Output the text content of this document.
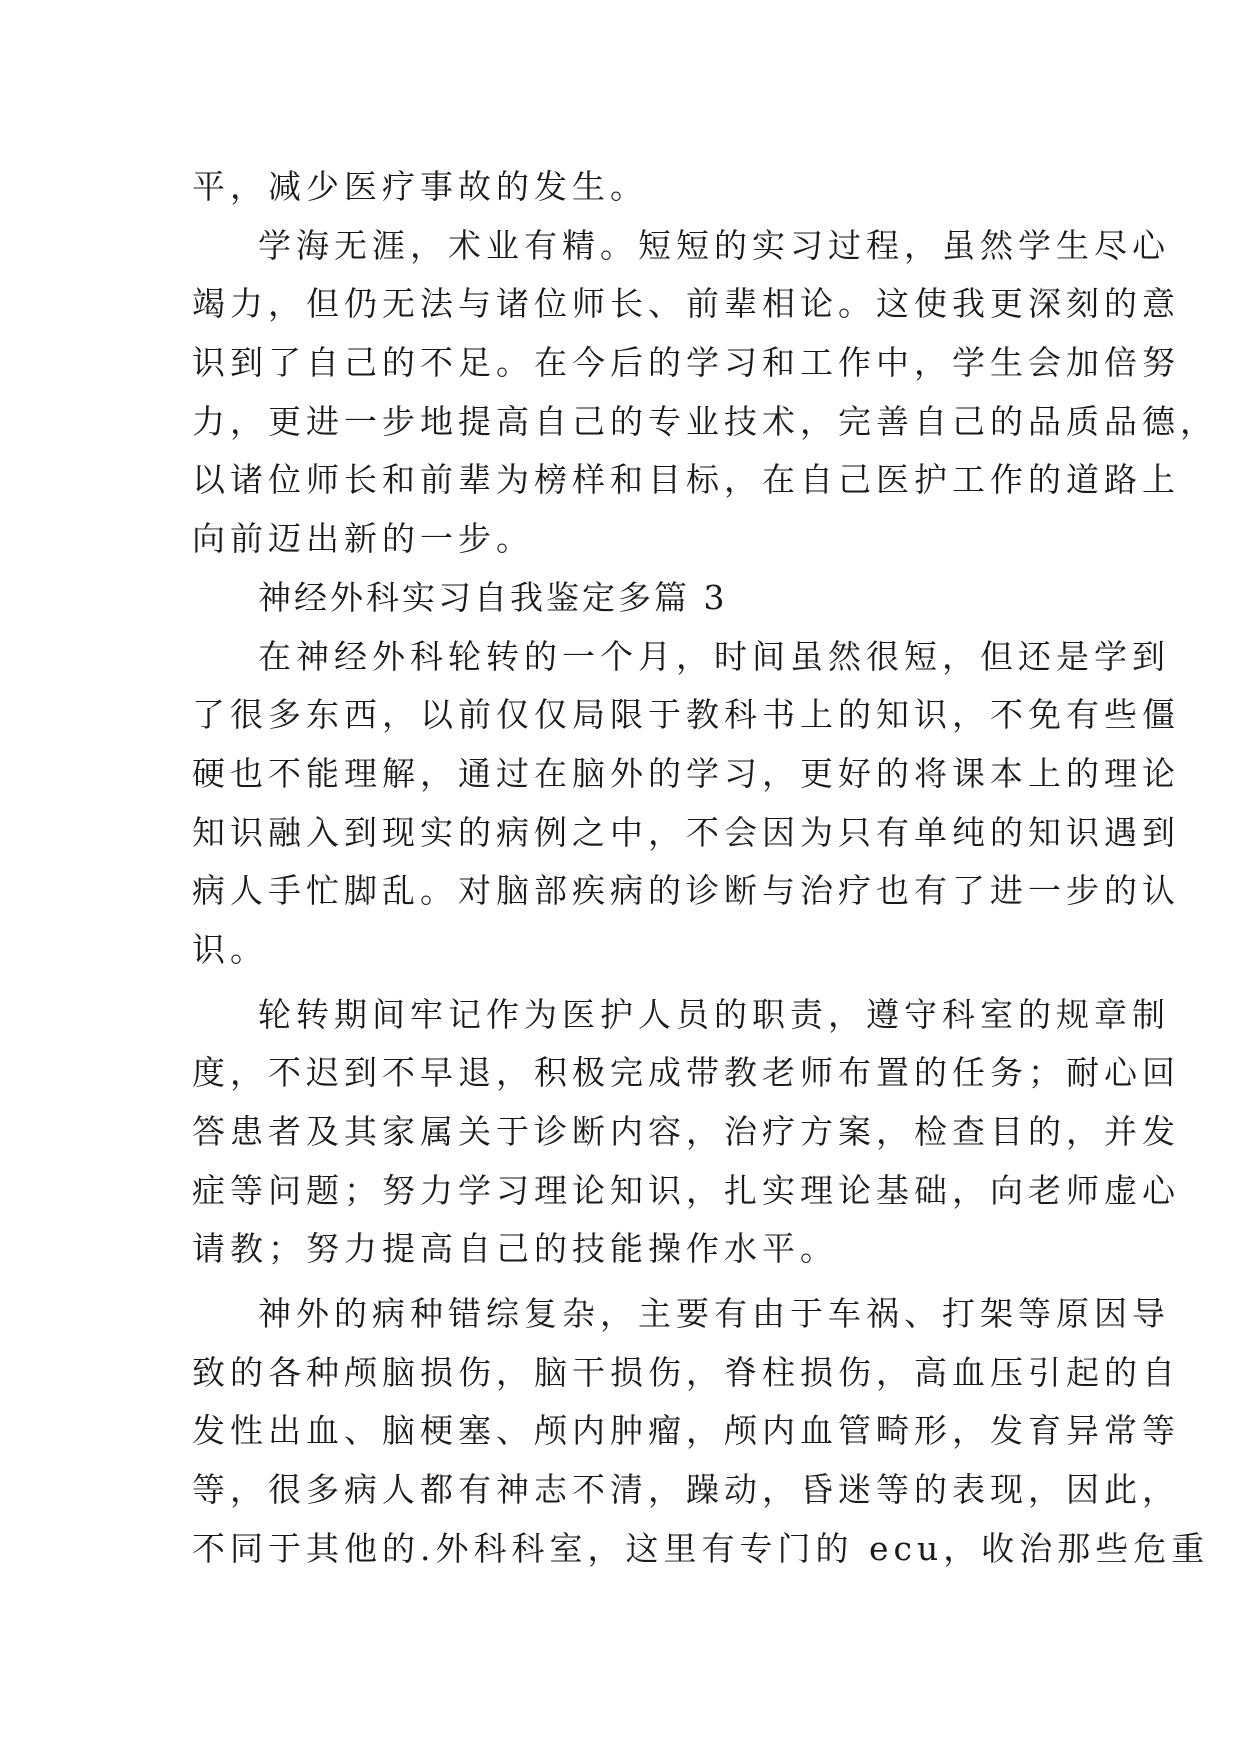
平，减少医疗事故的发生。
学海无涯，术业有精。短短的实习过程，虽然学生尽心
竭力，但仍无法与诸位师长、前辈相论。这使我更深刻的意
识到了自己的不足。在今后的学习和工作中，学生会加倍努
力，更进一步地提高自己的专业技术，完善自己的品质品德，
以诸位师长和前辈为榜样和目标，在自己医护工作的道路上
向前迈出新的一步。
神经外科实习自我鉴定多篇 3
在神经外科轮转的一个月，时间虽然很短，但还是学到
了很多东西，以前仅仅局限于教科书上的知识，不免有些僵
硬也不能理解，通过在脑外的学习，更好的将课本上的理论
知识融入到现实的病例之中，不会因为只有单纯的知识遇到
病人手忙脚乱。对脑部疾病的诊断与治疗也有了进一步的认
识。
轮转期间牢记作为医护人员的职责，遵守科室的规章制
度，不迟到不早退，积极完成带教老师布置的任务；耐心回
答患者及其家属关于诊断内容，治疗方案，检查目的，并发
症等问题；努力学习理论知识，扎实理论基础，向老师虚心
请教；努力提高自己的技能操作水平。
神外的病种错综复杂，主要有由于车祸、打架等原因导
致的各种颅脑损伤，脑干损伤，脊柱损伤，高血压引起的自
发性出血、脑梗塞、颅内肿瘤，颅内血管畸形，发育异常等
等，很多病人都有神志不清，躁动，昏迷等的表现，因此，
不同于其他的.外科科室，这里有专门的 ecu，收治那些危重
